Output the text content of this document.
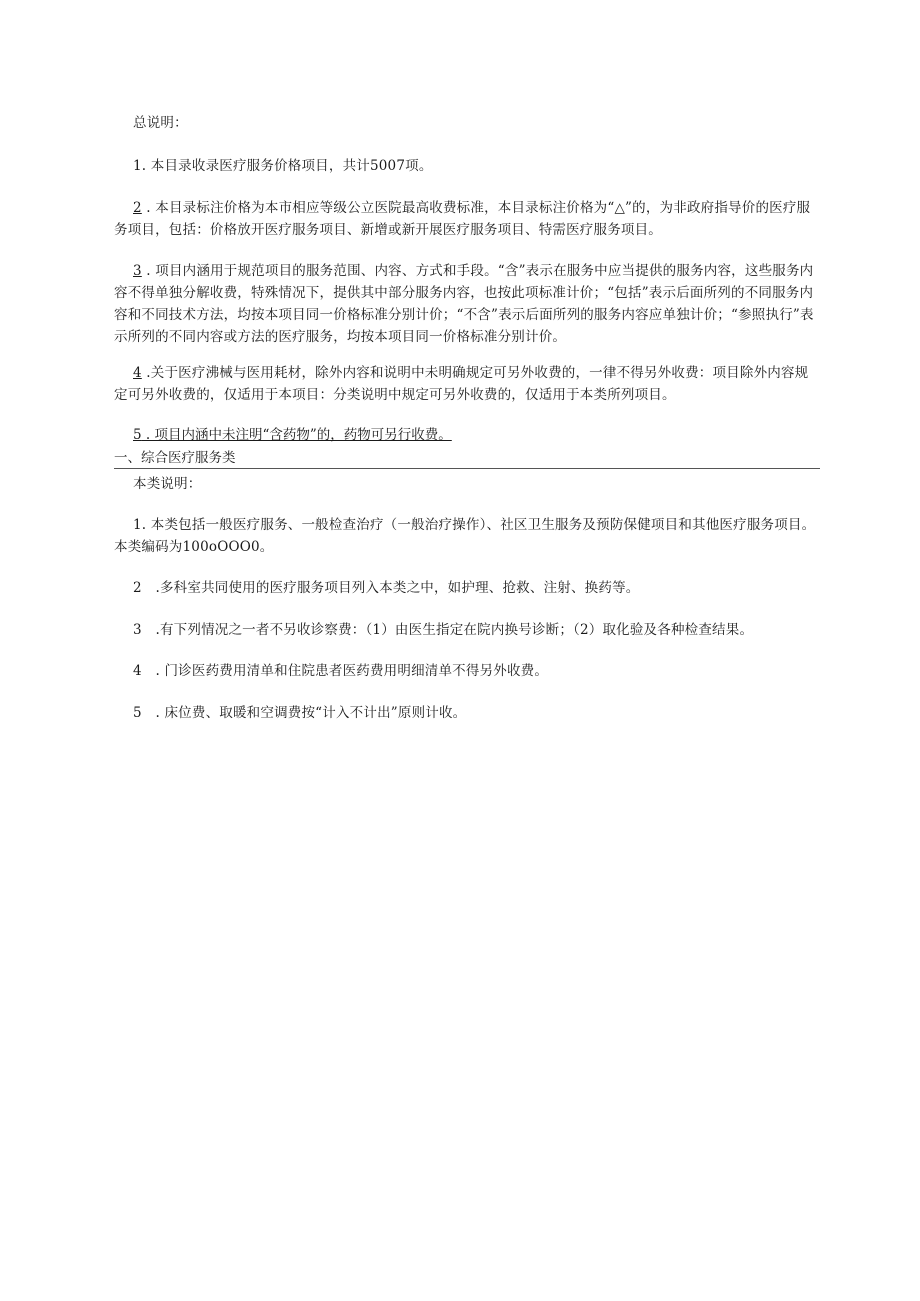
总说明：
1. 本目录收录医疗服务价格项目，共计5007项。
2 . 本目录标注价格为本市相应等级公立医院最高收费标准，本目录标注价格为“△”的，为非政府指导价的医疗服务项目，包括：价格放开医疗服务项目、新增或新开展医疗服务项目、特需医疗服务项目。
3 . 项目内涵用于规范项目的服务范围、内容、方式和手段。“含”表示在服务中应当提供的服务内容，这些服务内容不得单独分解收费，特殊情况下，提供其中部分服务内容，也按此项标准计价；“包括”表示后面所列的不同服务内容和不同技术方法，均按本项目同一价格标准分别计价；“不含”表示后面所列的服务内容应单独计价；“参照执行”表示所列的不同内容或方法的医疗服务，均按本项目同一价格标准分别计价。
4 .关于医疗沸械与医用耗材，除外内容和说明中未明确规定可另外收费的，一律不得另外收费：项目除外内容规定可另外收费的，仅适用于本项目：分类说明中规定可另外收费的，仅适用于本类所列项目。
5 . 项目内涵中未注明“含药物”的，药物可另行收费。
一、综合医疗服务类
本类说明：
1. 本类包括一般医疗服务、一般检查治疗（一般治疗操作）、社区卫生服务及预防保健项目和其他医疗服务项目。本类编码为100oOOO0。
2　.多科室共同使用的医疗服务项目列入本类之中，如护理、抢救、注射、换药等。
3　.有下列情况之一者不另收诊察费：（1）由医生指定在院内换号诊断；（2）取化验及各种检查结果。
4　. 门诊医药费用清单和住院患者医药费用明细清单不得另外收费。
5　. 床位费、取暖和空调费按“计入不计出”原则计收。
